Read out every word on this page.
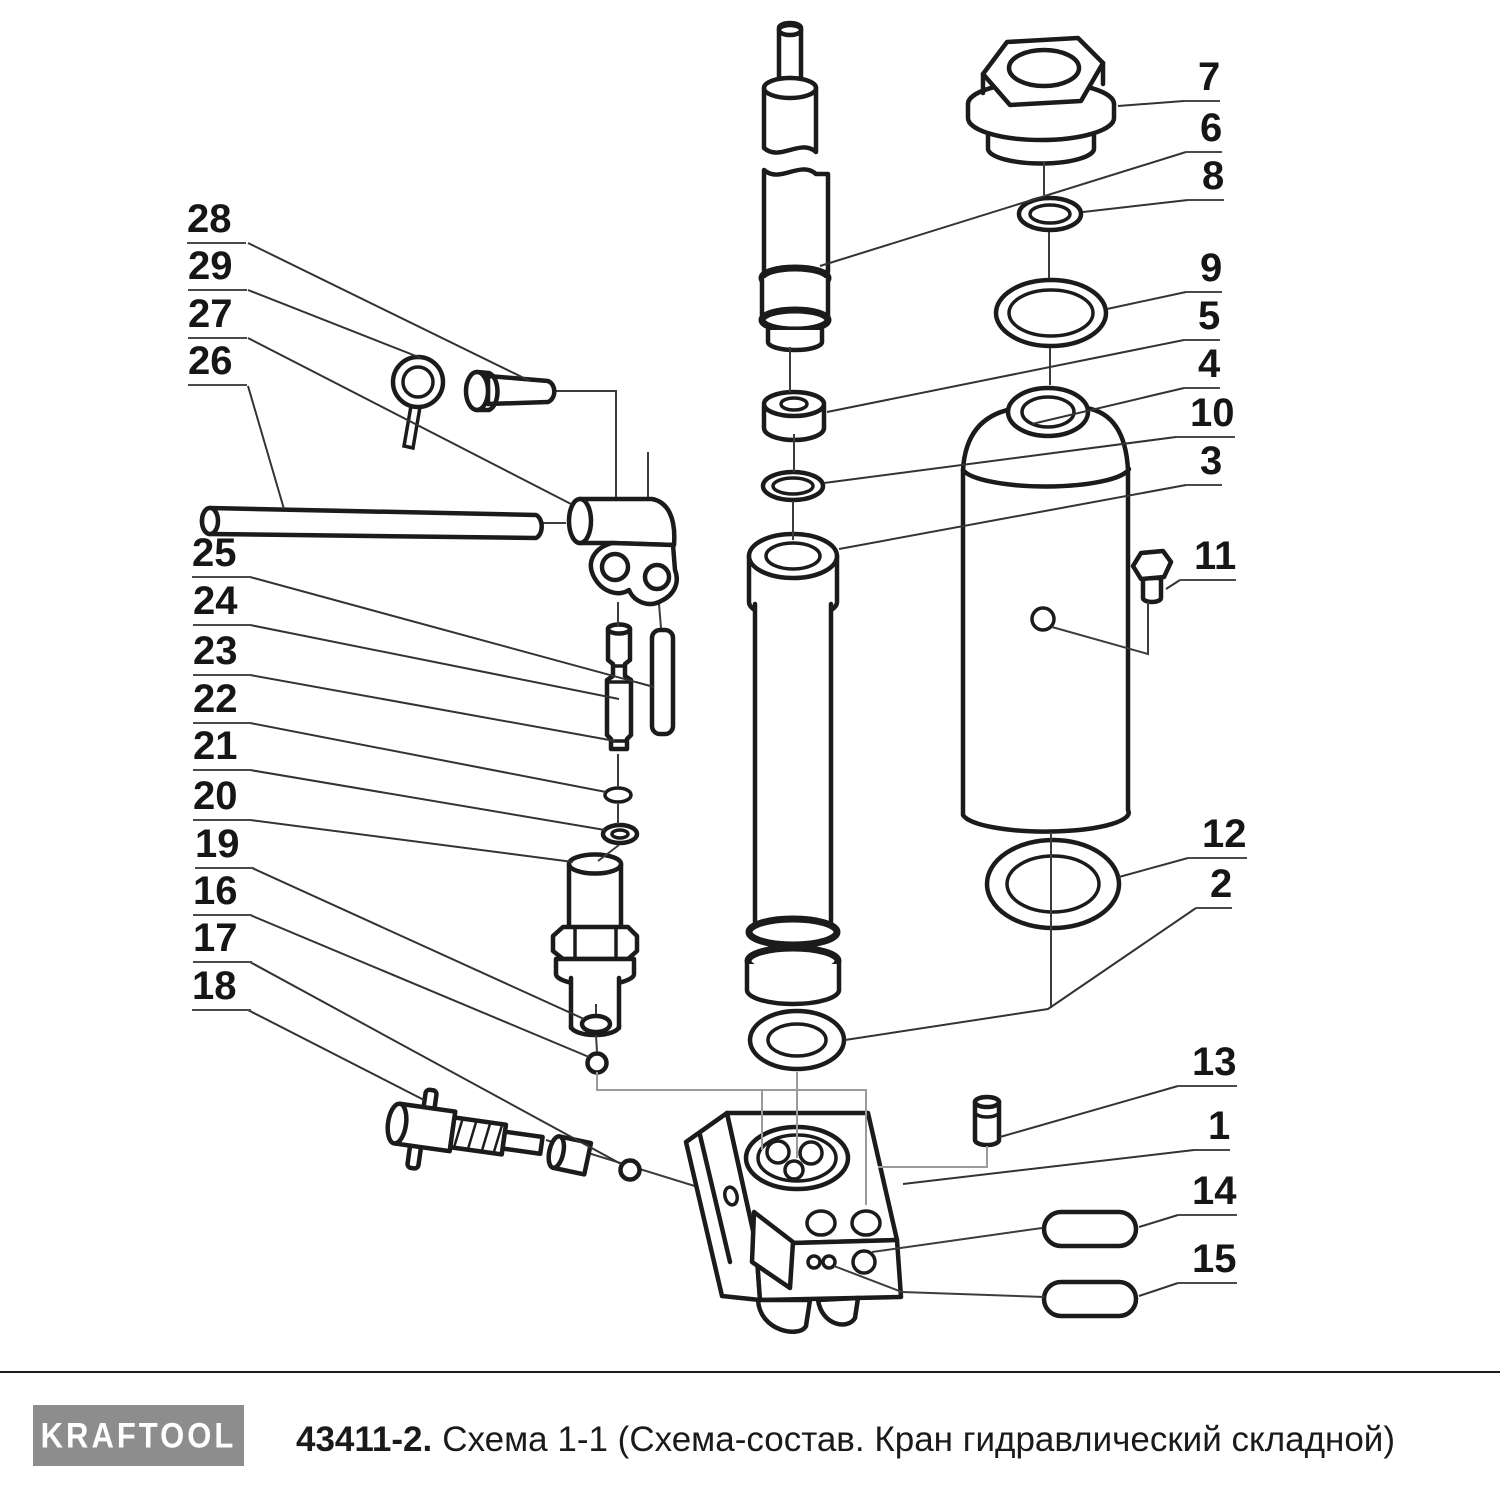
28
29
27
26
25
24
23
22
21
20
19
16
17
18
7
6
8
9
5
4
10
3
11
12
2
13
1
14
15
KRAFTOOL 43411-2. Схема 1-1 (Схема-состав. Кран гидравлический складной)
